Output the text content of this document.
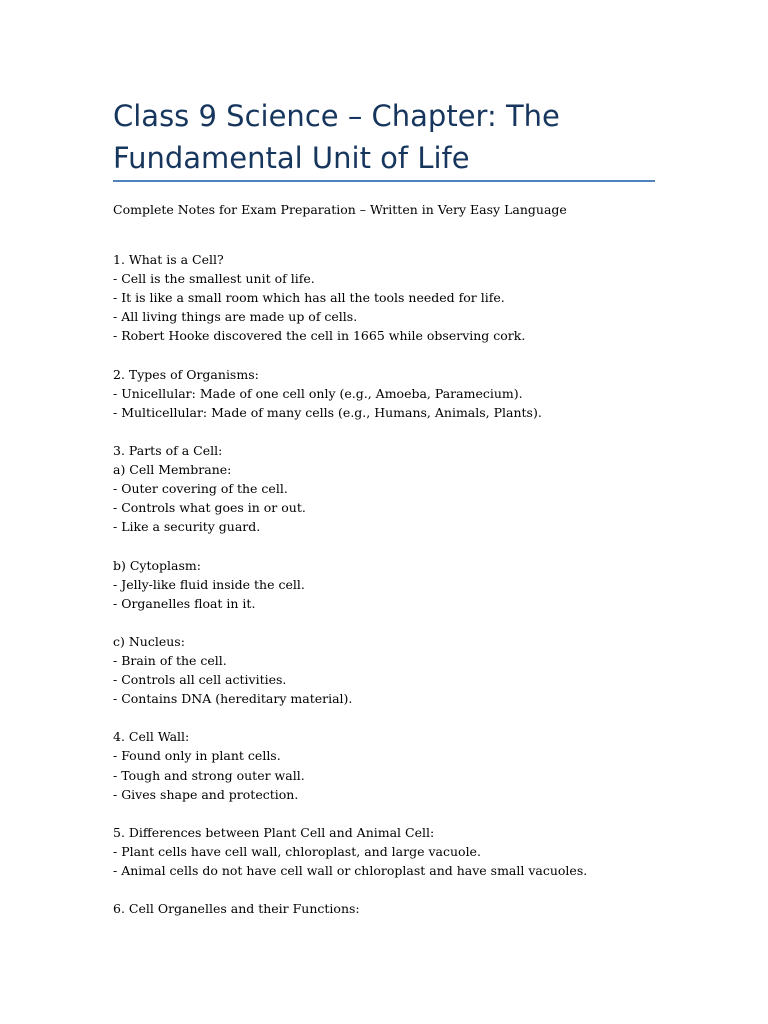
Class 9 Science – Chapter: The Fundamental Unit of Life

Complete Notes for Exam Preparation – Written in Very Easy Language

1. What is a Cell?

- Cell is the smallest unit of life.

- It is like a small room which has all the tools needed for life.

- All living things are made up of cells.

- Robert Hooke discovered the cell in 1665 while observing cork.

2. Types of Organisms:

- Unicellular: Made of one cell only (e.g., Amoeba, Paramecium).

- Multicellular: Made of many cells (e.g., Humans, Animals, Plants).

3. Parts of a Cell:

a) Cell Membrane:

- Outer covering of the cell.

- Controls what goes in or out.

- Like a security guard.

b) Cytoplasm:

- Jelly-like fluid inside the cell.

- Organelles float in it.

c) Nucleus:

- Brain of the cell.

- Controls all cell activities.

- Contains DNA (hereditary material).

4. Cell Wall:

- Found only in plant cells.

- Tough and strong outer wall.

- Gives shape and protection.

5. Differences between Plant Cell and Animal Cell:

- Plant cells have cell wall, chloroplast, and large vacuole.

- Animal cells do not have cell wall or chloroplast and have small vacuoles.

6. Cell Organelles and their Functions:
